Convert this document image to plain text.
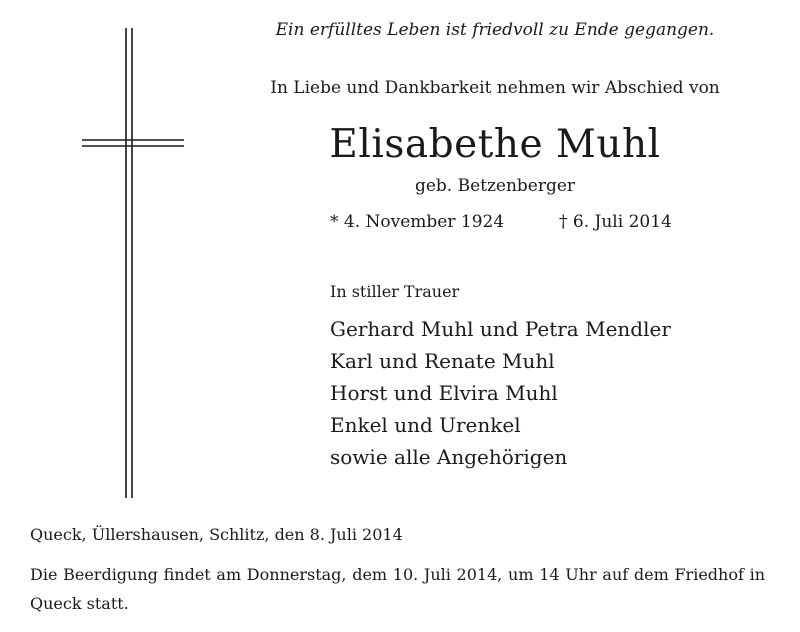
Ein erfülltes Leben ist friedvoll zu Ende gegangen.
In Liebe und Dankbarkeit nehmen wir Abschied von
Elisabethe Muhl
geb. Betzenberger
* 4. November 1924	† 6. Juli 2014
In stiller Trauer
Gerhard Muhl und Petra Mendler
Karl und Renate Muhl
Horst und Elvira Muhl
Enkel und Urenkel
sowie alle Angehörigen
Queck, Üllershausen, Schlitz, den 8. Juli 2014
Die Beerdigung findet am Donnerstag, dem 10. Juli 2014, um 14 Uhr auf dem Friedhof in Queck statt.
